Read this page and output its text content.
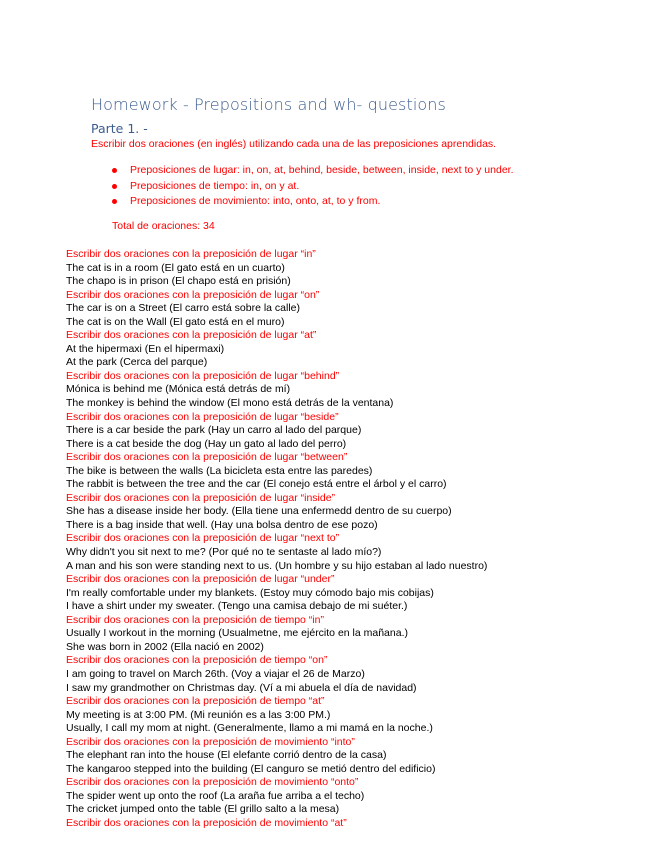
Homework - Prepositions and wh- questions
Parte 1. -
Escribir dos oraciones (en inglés) utilizando cada una de las preposiciones aprendidas.
Preposiciones de lugar: in, on, at, behind, beside, between, inside, next to y under.
Preposiciones de tiempo: in, on y at.
Preposiciones de movimiento: into, onto, at, to y from.
Total de oraciones: 34
Escribir dos oraciones con la preposición de lugar “in”
The cat is in a room (El gato está en un cuarto)
The chapo is in prison (El chapo está en prisión)
Escribir dos oraciones con la preposición de lugar “on”
The car is on a Street (El carro está sobre la calle)
The cat is on the Wall (El gato está en el muro)
Escribir dos oraciones con la preposición de lugar “at”
At the hipermaxi (En el hipermaxi)
At the park (Cerca del parque)
Escribir dos oraciones con la preposición de lugar “behind”
Mónica is behind me (Mónica está detrás de mí)
The monkey is behind the window (El mono está detrás de la ventana)
Escribir dos oraciones con la preposición de lugar “beside”
There is a car beside the park (Hay un carro al lado del parque)
There is a cat beside the dog (Hay un gato al lado del perro)
Escribir dos oraciones con la preposición de lugar “between”
The bike is between the walls (La bicicleta esta entre las paredes)
The rabbit is between the tree and the car (El conejo está entre el árbol y el carro)
Escribir dos oraciones con la preposición de lugar “inside”
She has a disease inside her body. (Ella tiene una enfermedd dentro de su cuerpo)
There is a bag inside that well. (Hay una bolsa dentro de ese pozo)
Escribir dos oraciones con la preposición de lugar “next to”
Why didn't you sit next to me? (Por qué no te sentaste al lado mío?)
A man and his son were standing next to us. (Un hombre y su hijo estaban al lado nuestro)
Escribir dos oraciones con la preposición de lugar “under”
I'm really comfortable under my blankets. (Estoy muy cómodo bajo mis cobijas)
I have a shirt under my sweater. (Tengo una camisa debajo de mi suéter.)
Escribir dos oraciones con la preposición de tiempo “in”
Usually I workout in the morning (Usualmetne, me ejército en la mañana.)
She was born in 2002 (Ella nació en 2002)
Escribir dos oraciones con la preposición de tiempo “on”
I am going to travel on March 26th. (Voy a viajar el 26 de Marzo)
I saw my grandmother on Christmas day. (Ví a mi abuela el día de navidad)
Escribir dos oraciones con la preposición de tiempo “at”
My meeting is at 3:00 PM. (Mi reunión es a las 3:00 PM.)
Usually, I call my mom at night. (Generalmente, llamo a mi mamá en la noche.)
Escribir dos oraciones con la preposición de movimiento “into”
The elephant ran into the house (El elefante corrió dentro de la casa)
The kangaroo stepped into the building (El canguro se metió dentro del edificio)
Escribir dos oraciones con la preposición de movimiento “onto”
The spider went up onto the roof (La araña fue arriba a el techo)
The cricket jumped onto the table (El grillo salto a la mesa)
Escribir dos oraciones con la preposición de movimiento “at”
